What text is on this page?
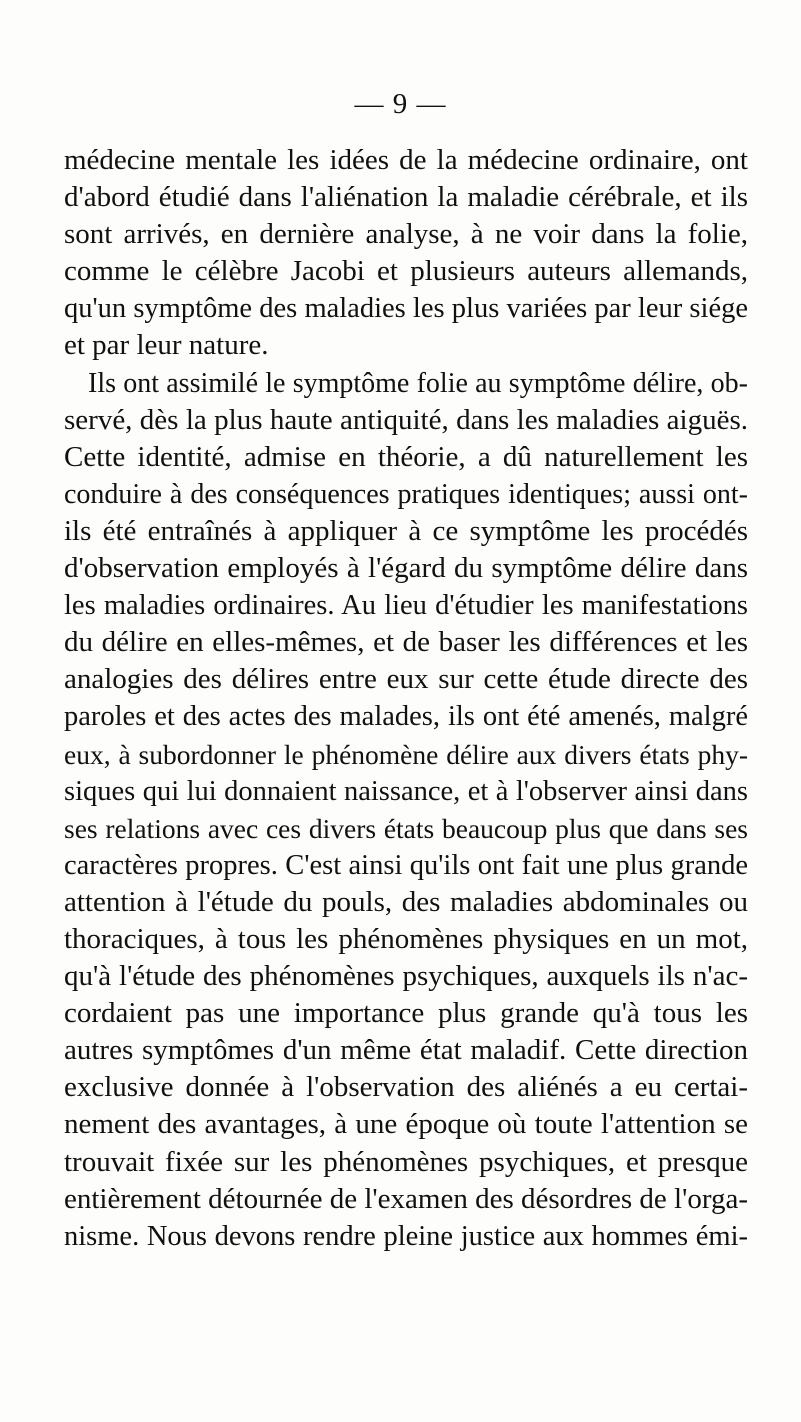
— 9 —
médecine mentale les idées de la médecine ordinaire, ont
d'abord étudié dans l'aliénation la maladie cérébrale, et ils
sont arrivés, en dernière analyse, à ne voir dans la folie,
comme le célèbre Jacobi et plusieurs auteurs allemands,
qu'un symptôme des maladies les plus variées par leur siége
et par leur nature.
Ils ont assimilé le symptôme folie au symptôme délire, ob-
servé, dès la plus haute antiquité, dans les maladies aiguës.
Cette identité, admise en théorie, a dû naturellement les
conduire à des conséquences pratiques identiques; aussi ont-
ils été entraînés à appliquer à ce symptôme les procédés
d'observation employés à l'égard du symptôme délire dans
les maladies ordinaires. Au lieu d'étudier les manifestations
du délire en elles-mêmes, et de baser les différences et les
analogies des délires entre eux sur cette étude directe des
paroles et des actes des malades, ils ont été amenés, malgré
eux, à subordonner le phénomène délire aux divers états phy-
siques qui lui donnaient naissance, et à l'observer ainsi dans
ses relations avec ces divers états beaucoup plus que dans ses
caractères propres. C'est ainsi qu'ils ont fait une plus grande
attention à l'étude du pouls, des maladies abdominales ou
thoraciques, à tous les phénomènes physiques en un mot,
qu'à l'étude des phénomènes psychiques, auxquels ils n'ac-
cordaient pas une importance plus grande qu'à tous les
autres symptômes d'un même état maladif. Cette direction
exclusive donnée à l'observation des aliénés a eu certai-
nement des avantages, à une époque où toute l'attention se
trouvait fixée sur les phénomènes psychiques, et presque
entièrement détournée de l'examen des désordres de l'orga-
nisme. Nous devons rendre pleine justice aux hommes émi-
